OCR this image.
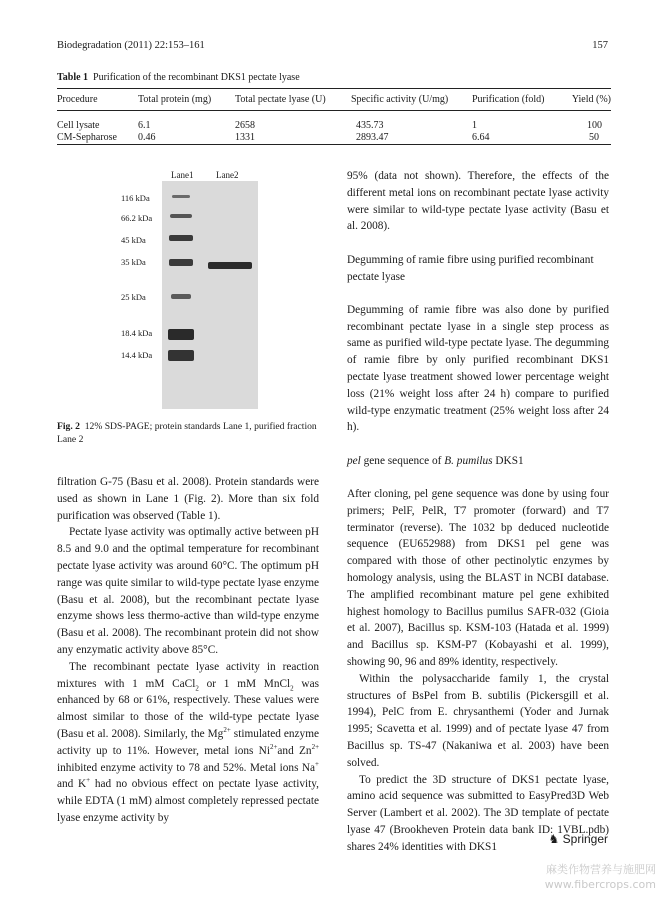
Biodegradation (2011) 22:153–161	157
Table 1 Purification of the recombinant DKS1 pectate lyase
Procedure	Total protein (mg)	Total pectate lyase (U)	Specific activity (U/mg)	Purification (fold)	Yield (%)
Cell lysate	6.1	2658	435.73	1	100
CM-Sepharose	0.46	1331	2893.47	6.64	50
Lane1	Lane2
116 kDa
66.2 kDa
45 kDa
35 kDa
25 kDa
18.4 kDa
14.4 kDa
Fig. 2 12% SDS-PAGE; protein standards Lane 1, purified fraction Lane 2

filtration G-75 (Basu et al. 2008). Protein standards were used as shown in Lane 1 (Fig. 2). More than six fold purification was observed (Table 1).

Pectate lyase activity was optimally active between pH 8.5 and 9.0 and the optimal temperature for recombinant pectate lyase activity was around 60°C. The optimum pH range was quite similar to wild-type pectate lyase enzyme (Basu et al. 2008), but the recombinant pectate lyase enzyme shows less thermo-active than wild-type enzyme (Basu et al. 2008). The recombinant protein did not show any enzymatic activity above 85°C.

The recombinant pectate lyase activity in reaction mixtures with 1 mM CaCl$_2$ or 1 mM MnCl$_2$ was enhanced by 68 or 61%, respectively. These values were almost similar to those of the wild-type pectate lyase (Basu et al. 2008). Similarly, the $Mg^{2+}$ stimulated enzyme activity up to 11%. However, metal ions $Ni^{2+}and$ $Zn^{2+}$ inhibited enzyme activity to 78 and 52%. Metal ions Na+ and K+ had no obvious effect on pectate lyase activity, while EDTA (1 mM) almost completely repressed pectate lyase enzyme activity by

95% (data not shown). Therefore, the effects of the different metal ions on recombinant pectate lyase activity were similar to wild-type pectate lyase activity (Basu et al. 2008).

Degumming of ramie fibre using purified recombinant pectate lyase

Degumming of ramie fibre was also done by purified recombinant pectate lyase in a single step process as same as purified wild-type pectate lyase. The degumming of ramie fibre by only purified recombinant DKS1 pectate lyase treatment showed lower percentage weight loss (21% weight loss after 24 h) compare to purified wild-type enzymatic treatment (25% weight loss after 24 h).

pel gene sequence of B. pumilus DKS1

After cloning, pel gene sequence was done by using four primers; PelF, PelR, T7 promoter (forward) and T7 terminator (reverse). The 1032 bp deduced nucleotide sequence (EU652988) from DKS1 pel gene was compared with those of other pectinolytic enzymes by homology analysis, using the BLAST in NCBI database. The amplified recombinant mature pel gene exhibited highest homology to Bacillus pumilus SAFR-032 (Gioia et al. 2007), Bacillus sp. KSM-103 (Hatada et al. 1999) and Bacillus sp. KSM-P7 (Kobayashi et al. 1999), showing 90, 96 and 89% identity, respectively.

Within the polysaccharide family 1, the crystal structures of BsPel from B. subtilis (Pickersgill et al. 1994), PelC from E. chrysanthemi (Yoder and Jurnak 1995; Scavetta et al. 1999) and of pectate lyase 47 from Bacillus sp. TS-47 (Nakaniwa et al. 2003) have been solved.

To predict the 3D structure of DKS1 pectate lyase, amino acid sequence was submitted to EasyPred3D Web Server (Lambert et al. 2002). The 3D template of pectate lyase 47 (Brookheven Protein data bank ID: 1VBL.pdb) shares 24% identities with DKS1

♞ Springer
麻类作物营养与施肥网
www.fibercrops.com
